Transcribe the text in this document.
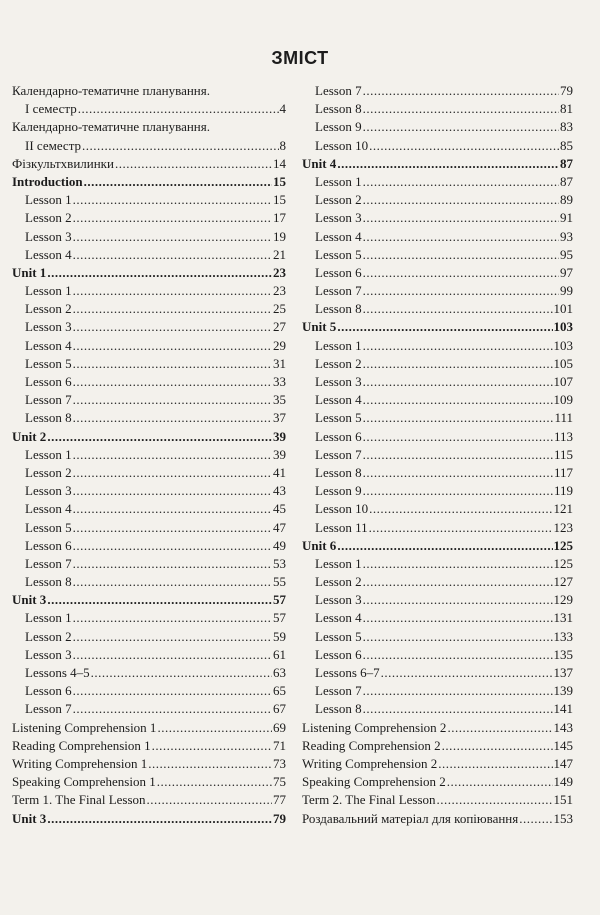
ЗМІСТ
Календарно-тематичне планування.
I семестр .....	4
Календарно-тематичне планування.
II семестр .....	8
Фізкультхвилинки .....	14
Introduction .....	15
Lesson 1 .....	15
Lesson 2 .....	17
Lesson 3 .....	19
Lesson 4 .....	21
Unit 1 .....	23
Lesson 1 .....	23
Lesson 2 .....	25
Lesson 3 .....	27
Lesson 4 .....	29
Lesson 5 .....	31
Lesson 6 .....	33
Lesson 7 .....	35
Lesson 8 .....	37
Unit 2 .....	39
Lesson 1 .....	39
Lesson 2 .....	41
Lesson 3 .....	43
Lesson 4 .....	45
Lesson 5 .....	47
Lesson 6 .....	49
Lesson 7 .....	53
Lesson 8 .....	55
Unit 3 .....	57
Lesson 1 .....	57
Lesson 2 .....	59
Lesson 3 .....	61
Lessons 4–5 .....	63
Lesson 6 .....	65
Lesson 7 .....	67
Listening Comprehension 1 .....	69
Reading Comprehension 1 .....	71
Writing Comprehension 1 .....	73
Speaking Comprehension 1 .....	75
Term 1. The Final Lesson .....	77
Unit 3 .....	79
Lesson 7 .....	79
Lesson 8 .....	81
Lesson 9 .....	83
Lesson 10 .....	85
Unit 4 .....	87
Lesson 1 .....	87
Lesson 2 .....	89
Lesson 3 .....	91
Lesson 4 .....	93
Lesson 5 .....	95
Lesson 6 .....	97
Lesson 7 .....	99
Lesson 8 .....	101
Unit 5 .....	103
Lesson 1 .....	103
Lesson 2 .....	105
Lesson 3 .....	107
Lesson 4 .....	109
Lesson 5 .....	111
Lesson 6 .....	113
Lesson 7 .....	115
Lesson 8 .....	117
Lesson 9 .....	119
Lesson 10 .....	121
Lesson 11 .....	123
Unit 6 .....	125
Lesson 1 .....	125
Lesson 2 .....	127
Lesson 3 .....	129
Lesson 4 .....	131
Lesson 5 .....	133
Lesson 6 .....	135
Lessons 6–7 .....	137
Lesson 7 .....	139
Lesson 8 .....	141
Listening Comprehension 2 .....	143
Reading Comprehension 2 .....	145
Writing Comprehension 2 .....	147
Speaking Comprehension 2 .....	149
Term 2. The Final Lesson .....	151
Роздавальний матеріал для копіювання .....	153
